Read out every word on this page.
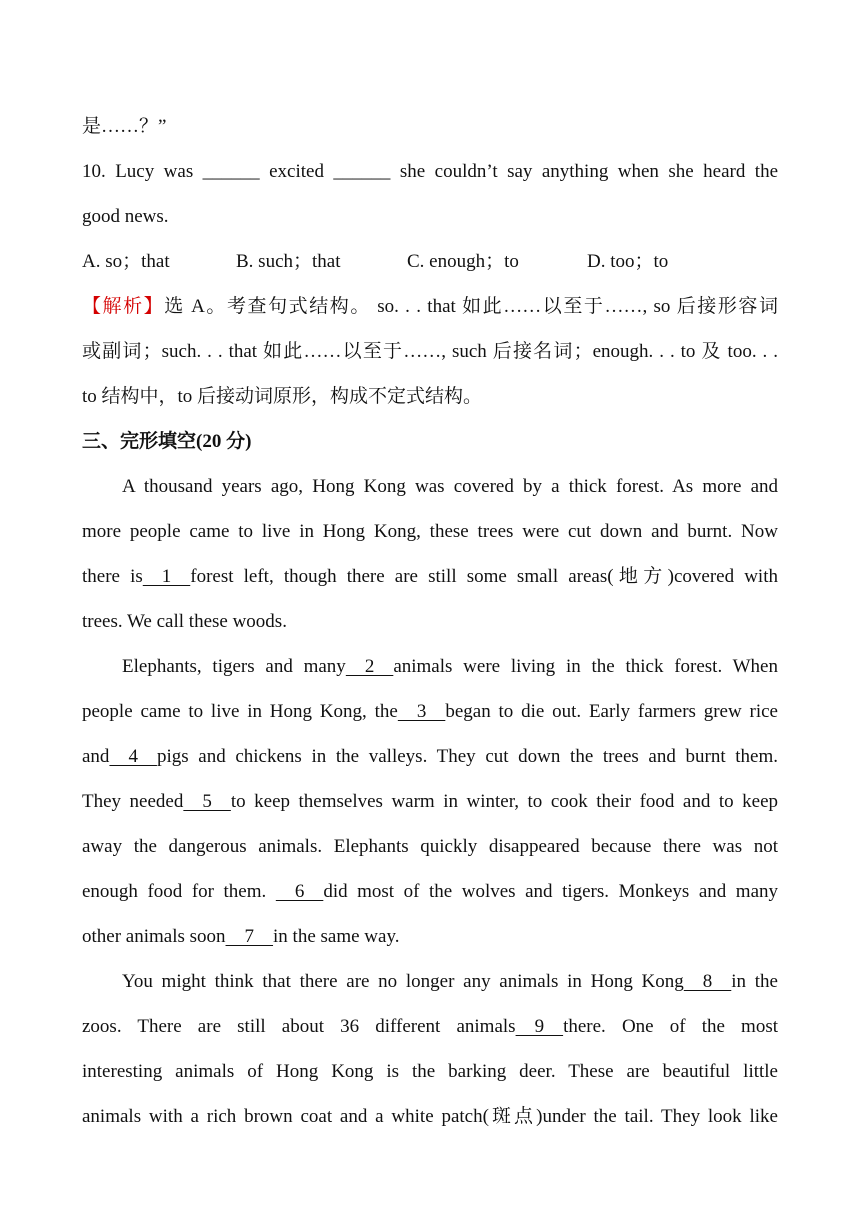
是……？”
10. Lucy was ______ excited ______ she couldn’t say anything when she heard the
good news.
A. so；that	B. such；that	C. enough；to	D. too；to
【解析】选 A。考查句式结构。 so. . . that 如此……以至于……, so 后接形容词
或副词；such. . . that 如此……以至于……, such 后接名词；enough. . . to 及 too. . .
to 结构中，to 后接动词原形，构成不定式结构。
三、完形填空(20 分)
A thousand years ago, Hong Kong was covered by a thick forest. As more and
more people came to live in Hong Kong, these trees were cut down and burnt. Now
there is    1    forest left, though there are still some small areas(地方)covered with
trees. We call these woods.
Elephants, tigers and many    2    animals were living in the thick forest. When
people came to live in Hong Kong, the    3    began to die out. Early farmers grew rice
and    4    pigs and chickens in the valleys. They cut down the trees and burnt them.
They needed    5    to keep themselves warm in winter, to cook their food and to keep
away the dangerous animals. Elephants quickly disappeared because there was not
enough food for them.     6    did most of the wolves and tigers. Monkeys and many
other animals soon    7    in the same way.
You might think that there are no longer any animals in Hong Kong    8    in the
zoos. There are still about 36 different animals    9    there. One of the most
interesting animals of Hong Kong is the barking deer. These are beautiful little
animals with a rich brown coat and a white patch(斑点)under the tail. They look like
